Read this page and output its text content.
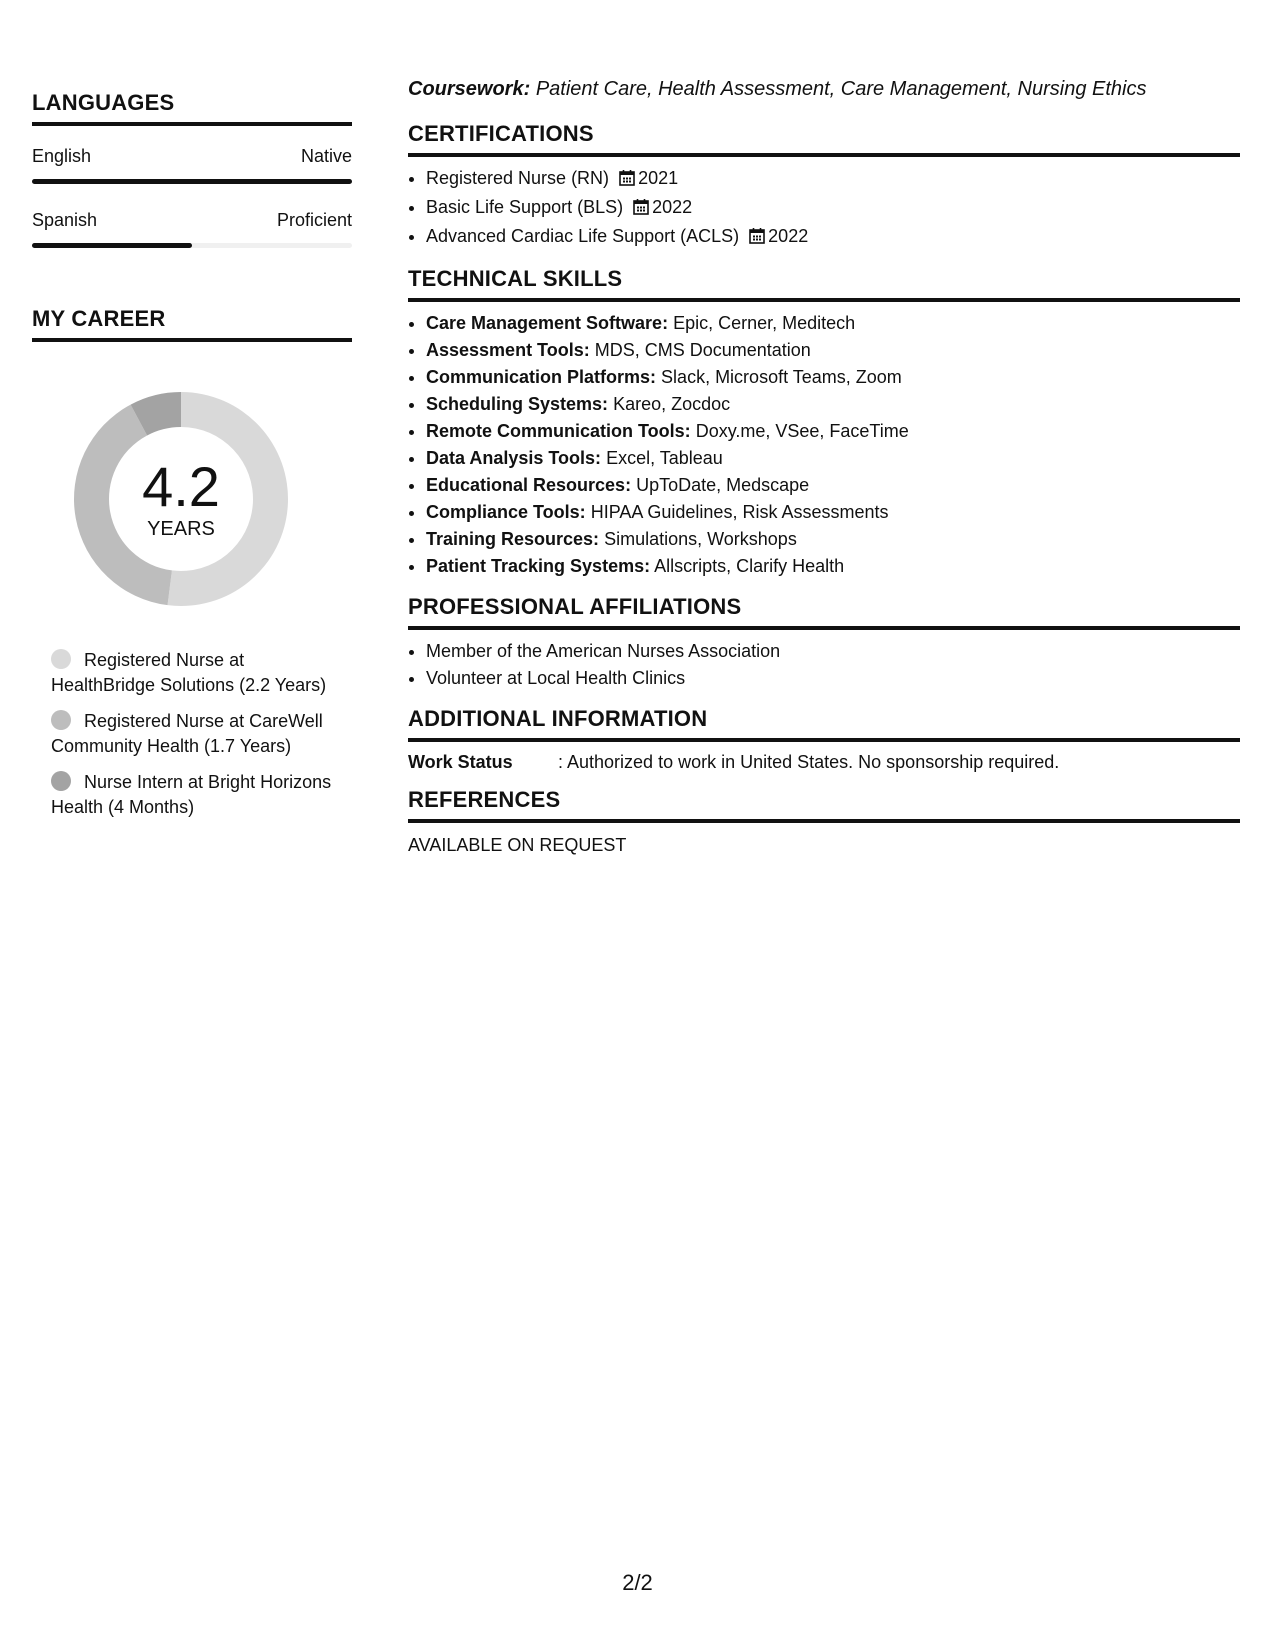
LANGUAGES
English	Native
Spanish	Proficient
MY CAREER
4.2
YEARS
Registered Nurse at HealthBridge Solutions (2.2 Years)
Registered Nurse at CareWell Community Health (1.7 Years)
Nurse Intern at Bright Horizons Health (4 Months)

Coursework: Patient Care, Health Assessment, Care Management, Nursing Ethics

CERTIFICATIONS
• Registered Nurse (RN) 2021
• Basic Life Support (BLS) 2022
• Advanced Cardiac Life Support (ACLS) 2022
TECHNICAL SKILLS
• Care Management Software: Epic, Cerner, Meditech
• Assessment Tools: MDS, CMS Documentation
• Communication Platforms: Slack, Microsoft Teams, Zoom
• Scheduling Systems: Kareo, Zocdoc
• Remote Communication Tools: Doxy.me, VSee, FaceTime
• Data Analysis Tools: Excel, Tableau
• Educational Resources: UpToDate, Medscape
• Compliance Tools: HIPAA Guidelines, Risk Assessments
• Training Resources: Simulations, Workshops
• Patient Tracking Systems: Allscripts, Clarify Health
PROFESSIONAL AFFILIATIONS
• Member of the American Nurses Association
• Volunteer at Local Health Clinics
ADDITIONAL INFORMATION
Work Status	: Authorized to work in United States. No sponsorship required.
REFERENCES
AVAILABLE ON REQUEST
2/2
